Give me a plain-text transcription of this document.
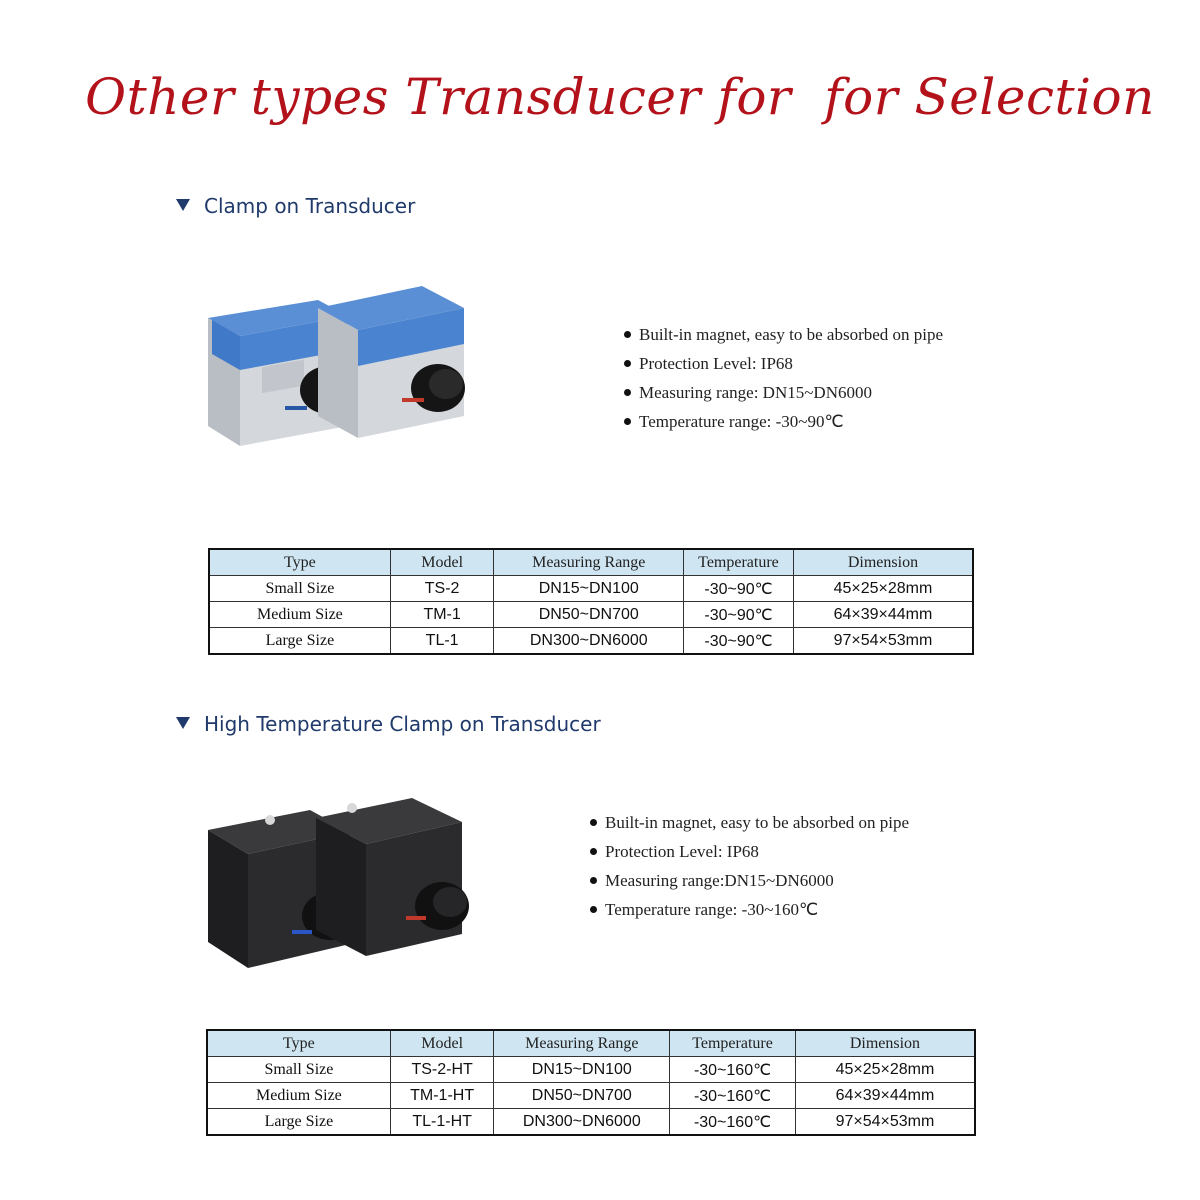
Other types Transducer for  for Selection
Clamp on Transducer
Built-in magnet, easy to be absorbed on pipe
Protection Level: IP68
Measuring range: DN15~DN6000
Temperature range: -30~90℃
Type	Model	Measuring Range	Temperature	Dimension
Small Size	TS-2	DN15~DN100	-30~90℃	45×25×28mm
Medium Size	TM-1	DN50~DN700	-30~90℃	64×39×44mm
Large Size	TL-1	DN300~DN6000	-30~90℃	97×54×53mm
High Temperature Clamp on Transducer
Built-in magnet, easy to be absorbed on pipe
Protection Level: IP68
Measuring range:DN15~DN6000
Temperature range: -30~160℃
Type	Model	Measuring Range	Temperature	Dimension
Small Size	TS-2-HT	DN15~DN100	-30~160℃	45×25×28mm
Medium Size	TM-1-HT	DN50~DN700	-30~160℃	64×39×44mm
Large Size	TL-1-HT	DN300~DN6000	-30~160℃	97×54×53mm
